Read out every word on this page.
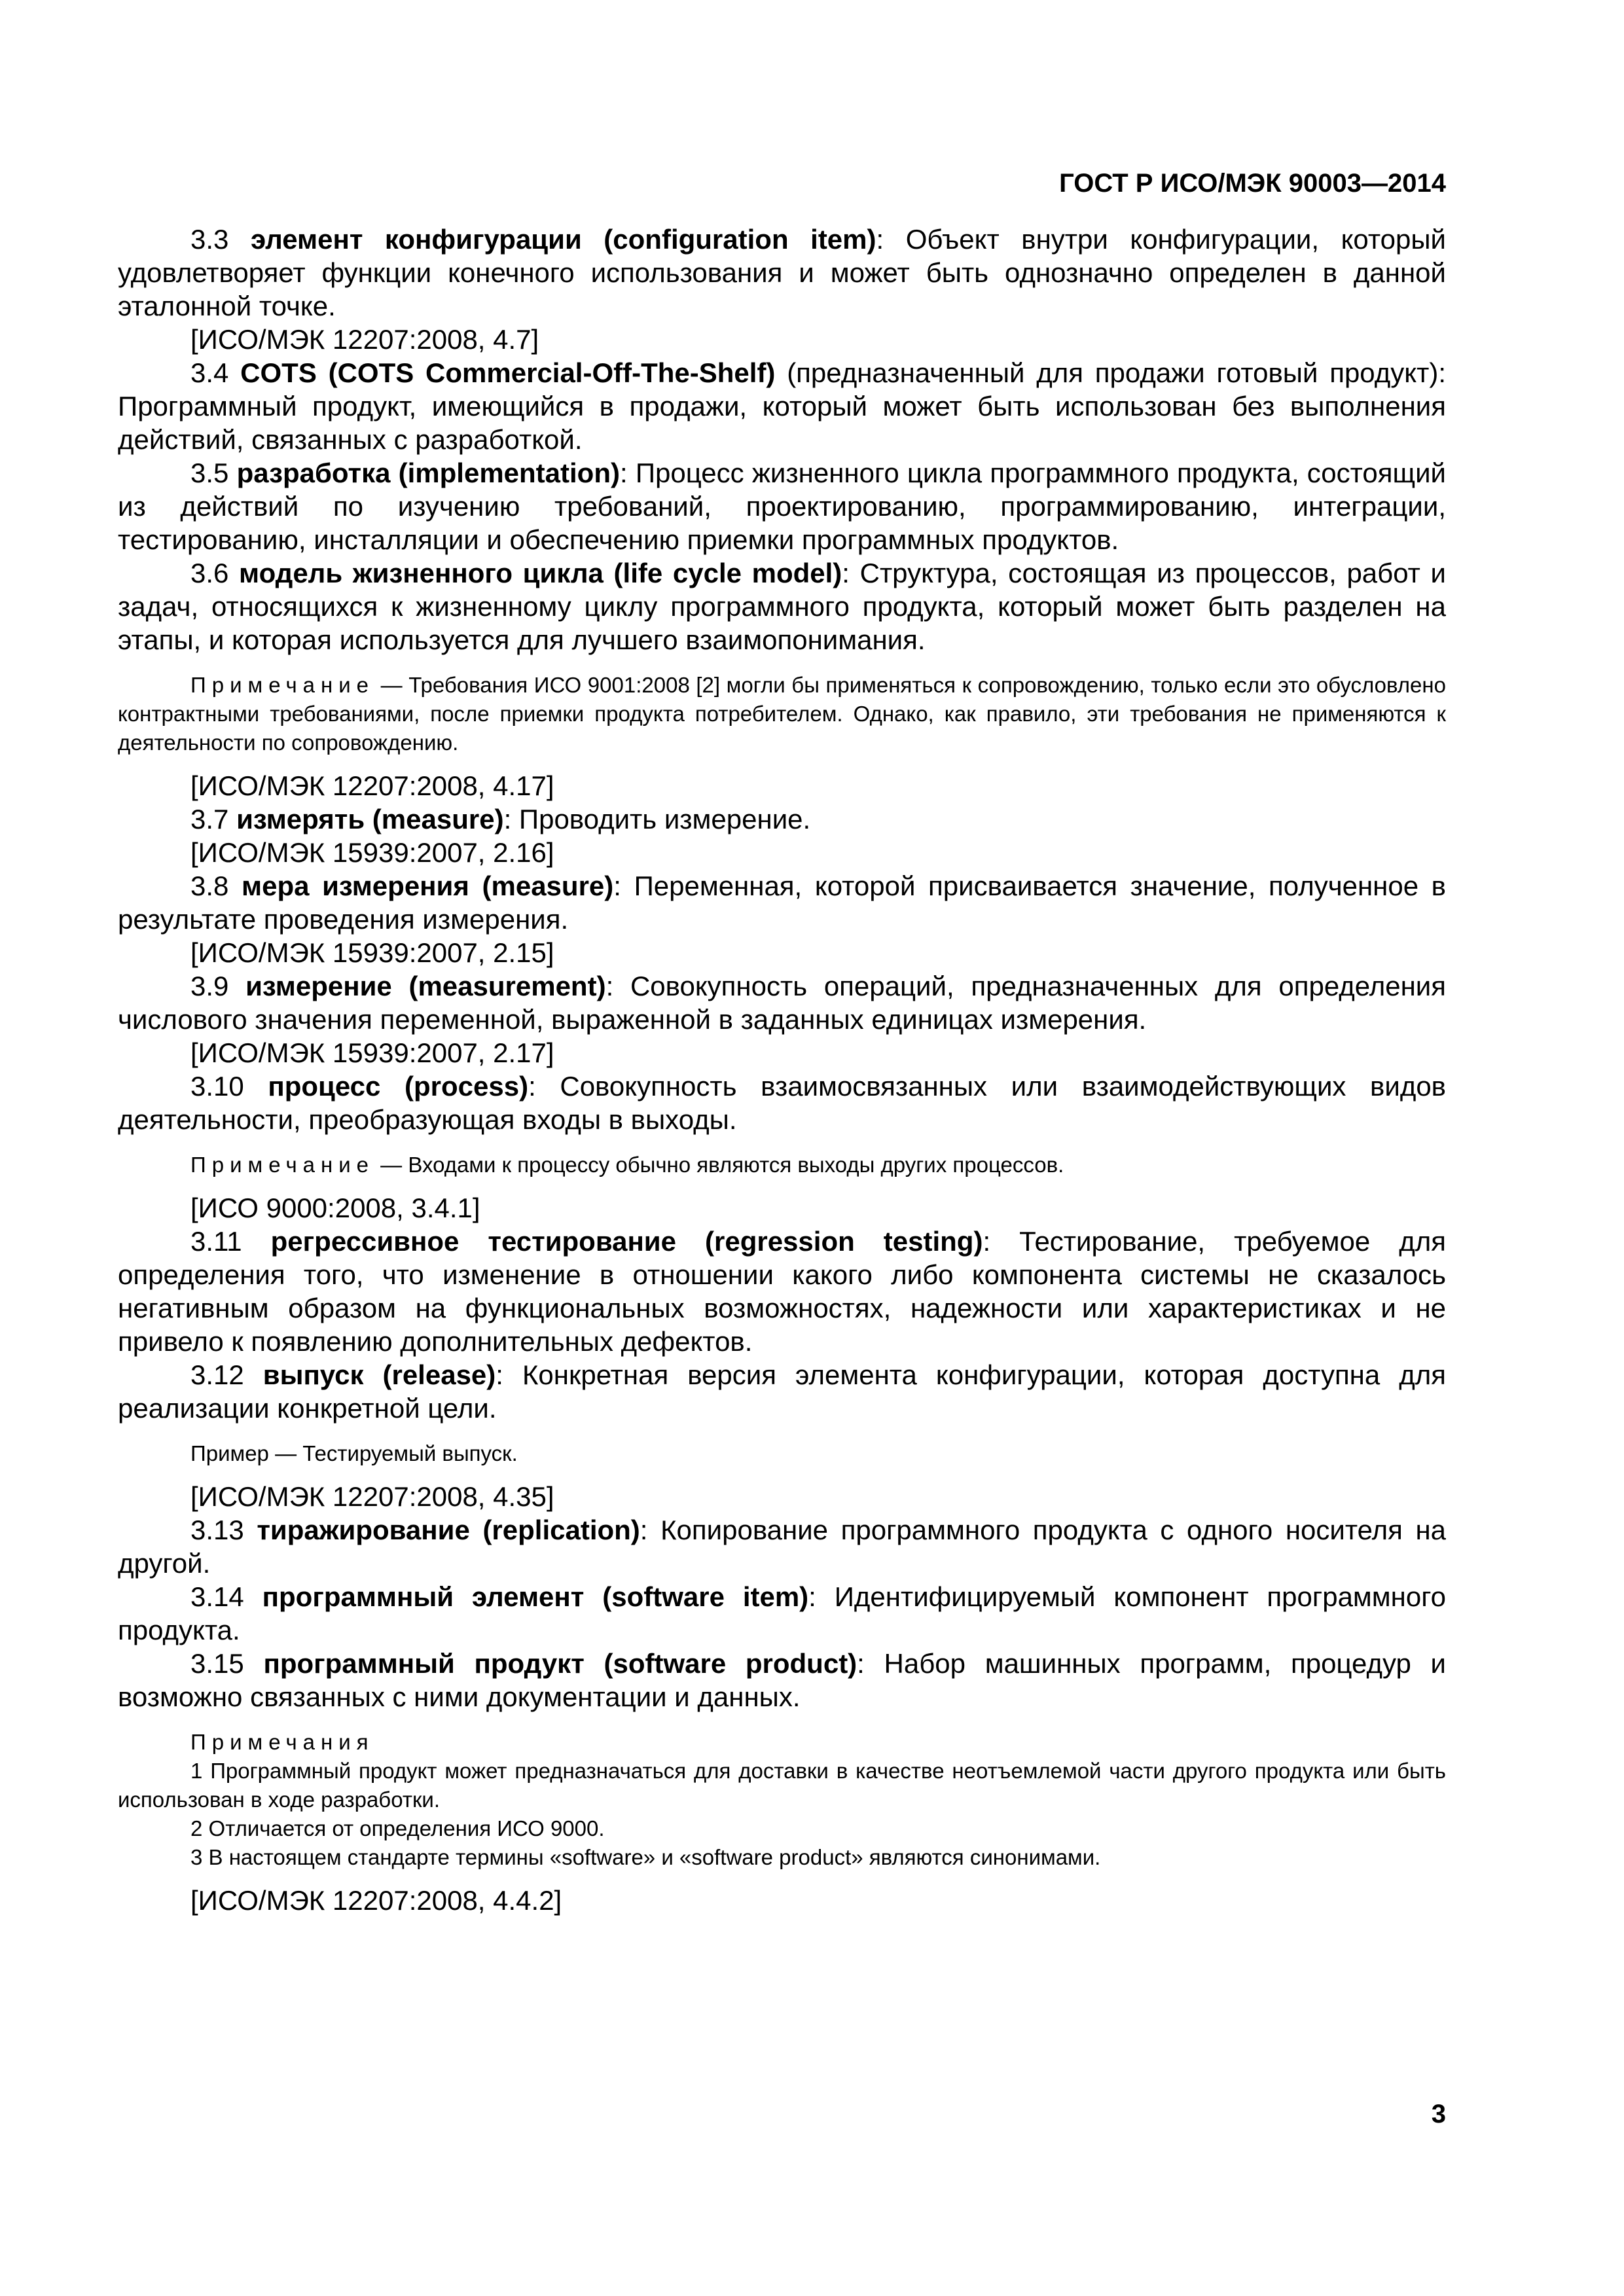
ГОСТ Р ИСО/МЭК 90003—2014

3.3 элемент конфигурации (configuration item): Объект внутри конфигурации, который удовлетворяет функции конечного использования и может быть однозначно определен в данной эталонной точке.

[ИСО/МЭК 12207:2008, 4.7]

3.4 COTS (COTS Commercial-Off-The-Shelf) (предназначенный для продажи готовый продукт): Программный продукт, имеющийся в продажи, который может быть использован без выполнения действий, связанных с разработкой.

3.5 разработка (implementation): Процесс жизненного цикла программного продукта, состоящий из действий по изучению требований, проектированию, программированию, интеграции, тестированию, инсталляции и обеспечению приемки программных продуктов.

3.6 модель жизненного цикла (life cycle model): Структура, состоящая из процессов, работ и задач, относящихся к жизненному циклу программного продукта, который может быть разделен на этапы, и которая используется для лучшего взаимопонимания.

Примечание — Требования ИСО 9001:2008 [2] могли бы применяться к сопровождению, только если это обусловлено контрактными требованиями, после приемки продукта потребителем. Однако, как правило, эти требования не применяются к деятельности по сопровождению.

[ИСО/МЭК 12207:2008, 4.17]

3.7 измерять (measure): Проводить измерение.

[ИСО/МЭК 15939:2007, 2.16]

3.8 мера измерения (measure): Переменная, которой присваивается значение, полученное в результате проведения измерения.

[ИСО/МЭК 15939:2007, 2.15]

3.9 измерение (measurement): Совокупность операций, предназначенных для определения числового значения переменной, выраженной в заданных единицах измерения.

[ИСО/МЭК 15939:2007, 2.17]

3.10 процесс (process): Совокупность взаимосвязанных или взаимодействующих видов деятельности, преобразующая входы в выходы.

Примечание — Входами к процессу обычно являются выходы других процессов.

[ИСО 9000:2008, 3.4.1]

3.11 регрессивное тестирование (regression testing): Тестирование, требуемое для определения того, что изменение в отношении какого либо компонента системы не сказалось негативным образом на функциональных возможностях, надежности или характеристиках и не привело к появлению дополнительных дефектов.

3.12 выпуск (release): Конкретная версия элемента конфигурации, которая доступна для реализации конкретной цели.

Пример — Тестируемый выпуск.

[ИСО/МЭК 12207:2008, 4.35]

3.13 тиражирование (replication): Копирование программного продукта с одного носителя на другой.

3.14 программный элемент (software item): Идентифицируемый компонент программного продукта.

3.15 программный продукт (software product): Набор машинных программ, процедур и возможно связанных с ними документации и данных.

Примечания
1 Программный продукт может предназначаться для доставки в качестве неотъемлемой части другого продукта или быть использован в ходе разработки.
2 Отличается от определения ИСО 9000.
3 В настоящем стандарте термины «software» и «software product» являются синонимами.

[ИСО/МЭК 12207:2008, 4.4.2]

3
